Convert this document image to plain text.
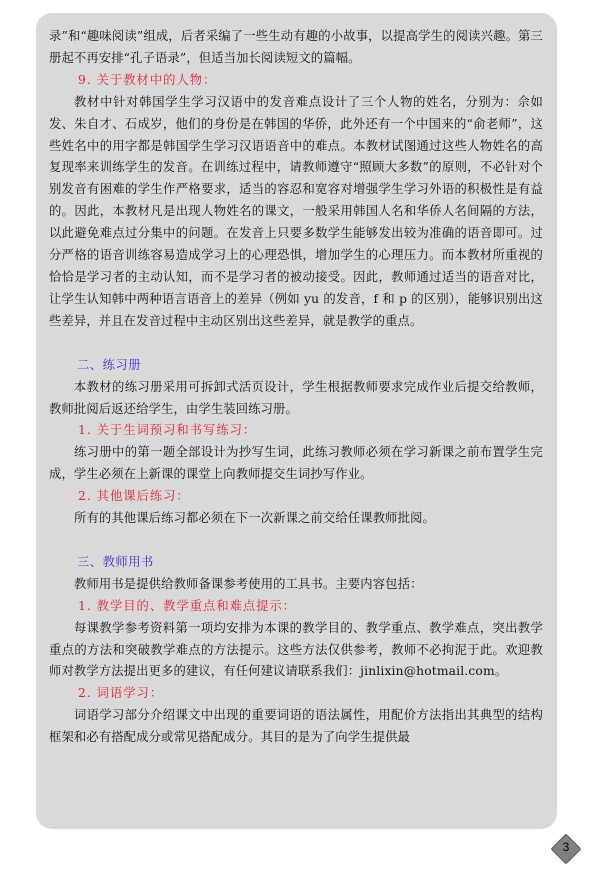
录”和“趣味阅读”组成，后者采编了一些生动有趣的小故事，以提高学生的阅读兴趣。第三册起不再安排“孔子语录”，但适当加长阅读短文的篇幅。

9. 关于教材中的人物：

教材中针对韩国学生学习汉语中的发音难点设计了三个人物的姓名，分别为：佘如发、朱自才、石成岁，他们的身份是在韩国的华侨，此外还有一个中国来的“俞老师”，这些姓名中的用字都是韩国学生学习汉语语音中的难点。本教材试图通过这些人物姓名的高复现率来训练学生的发音。在训练过程中，请教师遵守“照顾大多数”的原则，不必针对个别发音有困难的学生作严格要求，适当的容忍和宽容对增强学生学习外语的积极性是有益的。因此，本教材凡是出现人物姓名的课文，一般采用韩国人名和华侨人名间隔的方法，以此避免难点过分集中的问题。在发音上只要多数学生能够发出较为准确的语音即可。过分严格的语音训练容易造成学习上的心理恐惧，增加学生的心理压力。而本教材所重视的恰恰是学习者的主动认知，而不是学习者的被动接受。因此，教师通过适当的语音对比，让学生认知韩中两种语言语音上的差异（例如 yu 的发音，f 和 p 的区别），能够识别出这些差异，并且在发音过程中主动区别出这些差异，就是教学的重点。

二、练习册

本教材的练习册采用可拆卸式活页设计，学生根据教师要求完成作业后提交给教师，教师批阅后返还给学生，由学生装回练习册。

1. 关于生词预习和书写练习：

练习册中的第一题全部设计为抄写生词，此练习教师必须在学习新课之前布置学生完成，学生必须在上新课的课堂上向教师提交生词抄写作业。

2. 其他课后练习：

所有的其他课后练习都必须在下一次新课之前交给任课教师批阅。

三、教师用书

教师用书是提供给教师备课参考使用的工具书。主要内容包括：

1. 教学目的、教学重点和难点提示：

每课教学参考资料第一项均安排为本课的教学目的、教学重点、教学难点，突出教学重点的方法和突破教学难点的方法提示。这些方法仅供参考，教师不必拘泥于此。欢迎教师对教学方法提出更多的建议，有任何建议请联系我们：jinlixin@hotmail.com。

2. 词语学习：

词语学习部分介绍课文中出现的重要词语的语法属性，用配价方法指出其典型的结构框架和必有搭配成分或常见搭配成分。其目的是为了向学生提供最

3
